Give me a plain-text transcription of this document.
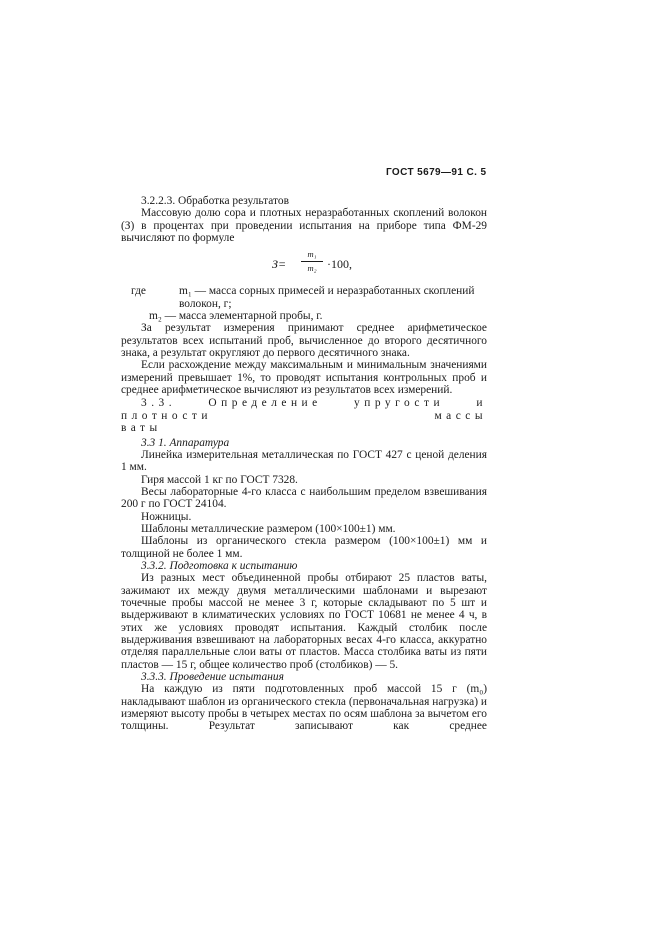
ГОСТ 5679—91 С. 5

3.2.2.3. Обработка результатов

Массовую долю сора и плотных неразработанных скоплений волокон (З) в процентах при проведении испытания на приборе типа ФМ-29 вычисляют по формуле

$З= \frac{\text{m₁}}{\text{m₂}} \cdot 100$,

где	m₁ — масса сорных примесей и неразработанных скоплений

волокон, г;

m₂ — масса элементарной пробы, г.

За результат измерения принимают среднее арифметическое результатов всех испытаний проб, вычисленное до второго десятичного знака, а результат округляют до первого десятичного знака.

Если расхождение между максимальным и минимальным значениями измерений превышает 1%, то проводят испытания контрольных проб и среднее арифметическое вычисляют из результатов всех измерений.

3.3. Определение упругости и плотности массы

ваты

3.3 1. Аппаратура

Линейка измерительная металлическая по ГОСТ 427 с ценой деления 1 мм.

Гиря массой 1 кг по ГОСТ 7328.

Весы лабораторные 4-го класса с наибольшим пределом взвешивания 200 г по ГОСТ 24104.

Ножницы.

Шаблоны металлические размером (100×100±1) мм.

Шаблоны из органического стекла размером (100×100±1) мм и толщиной не более 1 мм.

3.3.2. Подготовка к испытанию

Из разных мест объединенной пробы отбирают 25 пластов ваты, зажимают их между двумя металлическими шаблонами и вырезают точечные пробы массой не менее 3 г, которые складывают по 5 шт и выдерживают в климатических условиях по ГОСТ 10681 не менее 4 ч, в этих же условиях проводят испытания. Каждый столбик после выдерживания взвешивают на лабораторных весах 4-го класса, аккуратно отделяя параллельные слои ваты от пластов. Масса столбика ваты из пяти пластов — 15 г, общее количество проб (столбиков) — 5.

3.3.3. Проведение испытания

На каждую из пяти подготовленных проб массой 15 г (m₀) накладывают шаблон из органического стекла (первоначальная нагрузка) и измеряют высоту пробы в четырех местах по осям шаблона за вычетом его толщины. Результат записывают как среднее
